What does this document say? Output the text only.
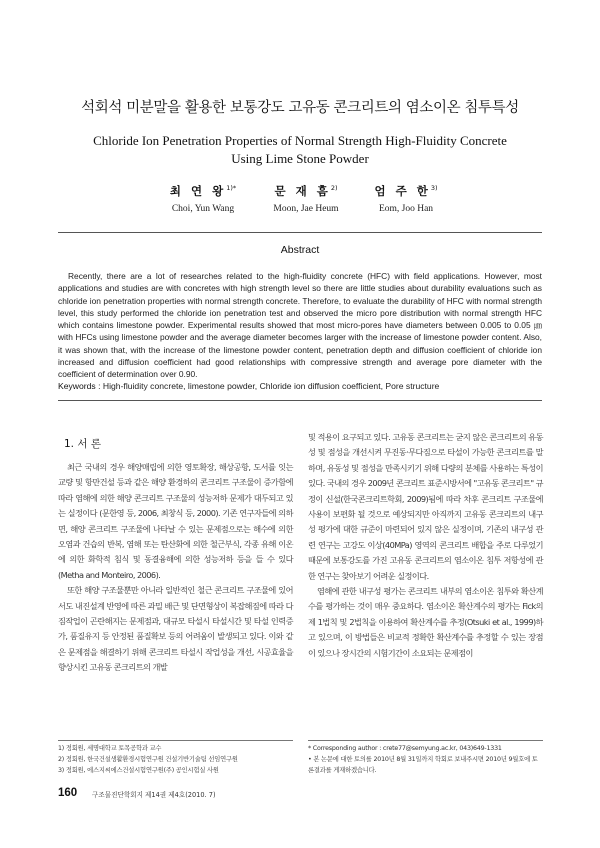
석회석 미분말을 활용한 보통강도 고유동 콘크리트의 염소이온 침투특성
Chloride Ion Penetration Properties of Normal Strength High-Fluidity Concrete
Using Lime Stone Powder
최 연 왕$^{1)*}$
Choi, Yun Wang
문 재 흠$^{2)}$
Moon, Jae Heum
엄 주 한$^{3)}$
Eom, Joo Han
Abstract

Recently, there are a lot of researches related to the high-fluidity concrete (HFC) with field applications. However, most applications and studies are with concretes with high strength level so there are little studies about durability evaluations such as chloride ion penetration properties with normal strength concrete. Therefore, to evaluate the durability of HFC with normal strength level, this study performed the chloride ion penetration test and observed the micro pore distribution with normal strength HFC which contains limestone powder. Experimental results showed that most micro-pores have diameters between 0.005 to 0.05 ㎛ with HFCs using limestone powder and the average diameter becomes larger with the increase of limestone powder content. Also, it was shown that, with the increase of the limestone powder content, penetration depth and diffusion coefficient of chloride ion increased and diffusion coefficient had good relationships with compressive strength and average pore diameter with the coefficient of determination over 0.90.

Keywords : High-fluidity concrete, limestone powder, Chloride ion diffusion coefficient, Pore structure
1. 서 론

최근 국내의 경우 해양매립에 의한 영토확장, 해상공항, 도서를 잇는 교량 및 항만건설 등과 같은 해양 환경하의 콘크리트 구조물이 증가함에 따라 염해에 의한 해양 콘크리트 구조물의 성능저하 문제가 대두되고 있는 실정이다 (문한영 등, 2006, 최창식 등, 2000). 기존 연구자들에 의하면, 해양 콘크리트 구조물에 나타날 수 있는 문제점으로는 해수에 의한 오염과 건습의 반복, 염해 또는 탄산화에 의한 철근부식, 각종 유해 이온에 의한 화학적 침식 및 동결융해에 의한 성능저하 등을 들 수 있다 (Metha and Monteiro, 2006).

또한 해양 구조물뿐만 아니라 일반적인 철근 콘크리트 구조물에 있어서도 내진설계 반영에 따른 과밀 배근 및 단면형상이 복잡해짐에 따라 다짐작업이 곤란해지는 문제점과, 대규모 타설시 타설시간 및 타설 인력증가, 품질유지 등 안정된 품질확보 등의 어려움이 발생되고 있다. 이와 같은 문제점을 해결하기 위해 콘크리트 타설시 작업성을 개선, 시공효율을 향상시킨 고유동 콘크리트의 개발

및 적용이 요구되고 있다. 고유동 콘크리트는 굳지 않은 콘크리트의 유동성 및 점성을 개선시켜 무진동·무다짐으로 타설이 가능한 콘크리트를 말하며, 유동성 및 점성을 만족시키기 위해 다량의 분체를 사용하는 특성이 있다. 국내의 경우 2009년 콘크리트 표준시방서에 "고유동 콘크리트" 규정이 신설(한국콘크리트학회, 2009)됨에 따라 차후 콘크리트 구조물에 사용이 보편화 될 것으로 예상되지만 아직까지 고유동 콘크리트의 내구성 평가에 대한 규준이 마련되어 있지 않은 실정이며, 기존의 내구성 관련 연구는 고강도 이상(40MPa) 영역의 콘크리트 배합을 주로 다루었기 때문에 보통강도를 가진 고유동 콘크리트의 염소이온 침투 저항성에 관한 연구는 찾아보기 어려운 실정이다.

염해에 관한 내구성 평가는 콘크리트 내부의 염소이온 침투와 확산계수를 평가하는 것이 매우 중요하다. 염소이온 확산계수의 평가는 Fick의 제 1법칙 및 2법칙을 이용하여 확산계수를 추정(Otsuki et al., 1999)하고 있으며, 이 방법들은 비교적 정확한 확산계수를 추정할 수 있는 장점이 있으나 장시간의 시험기간이 소요되는 문제점이

1) 정회원, 세명대학교 토목공학과 교수
2) 정회원, 한국건설생활환경시험연구원 건설기반기술팀 선임연구원
3) 정회원, 에스지씨에스건설시험연구원(주) 공인시험실 사원
* Corresponding author : crete77@semyung.ac.kr, 043)649-1331
• 본 논문에 대한 토의를 2010년 8월 31일까지 학회로 보내주시면 2010년 9월호에 토론결과를 게재하겠습니다.
160 구조물진단학회지 제14권 제4호(2010. 7)
